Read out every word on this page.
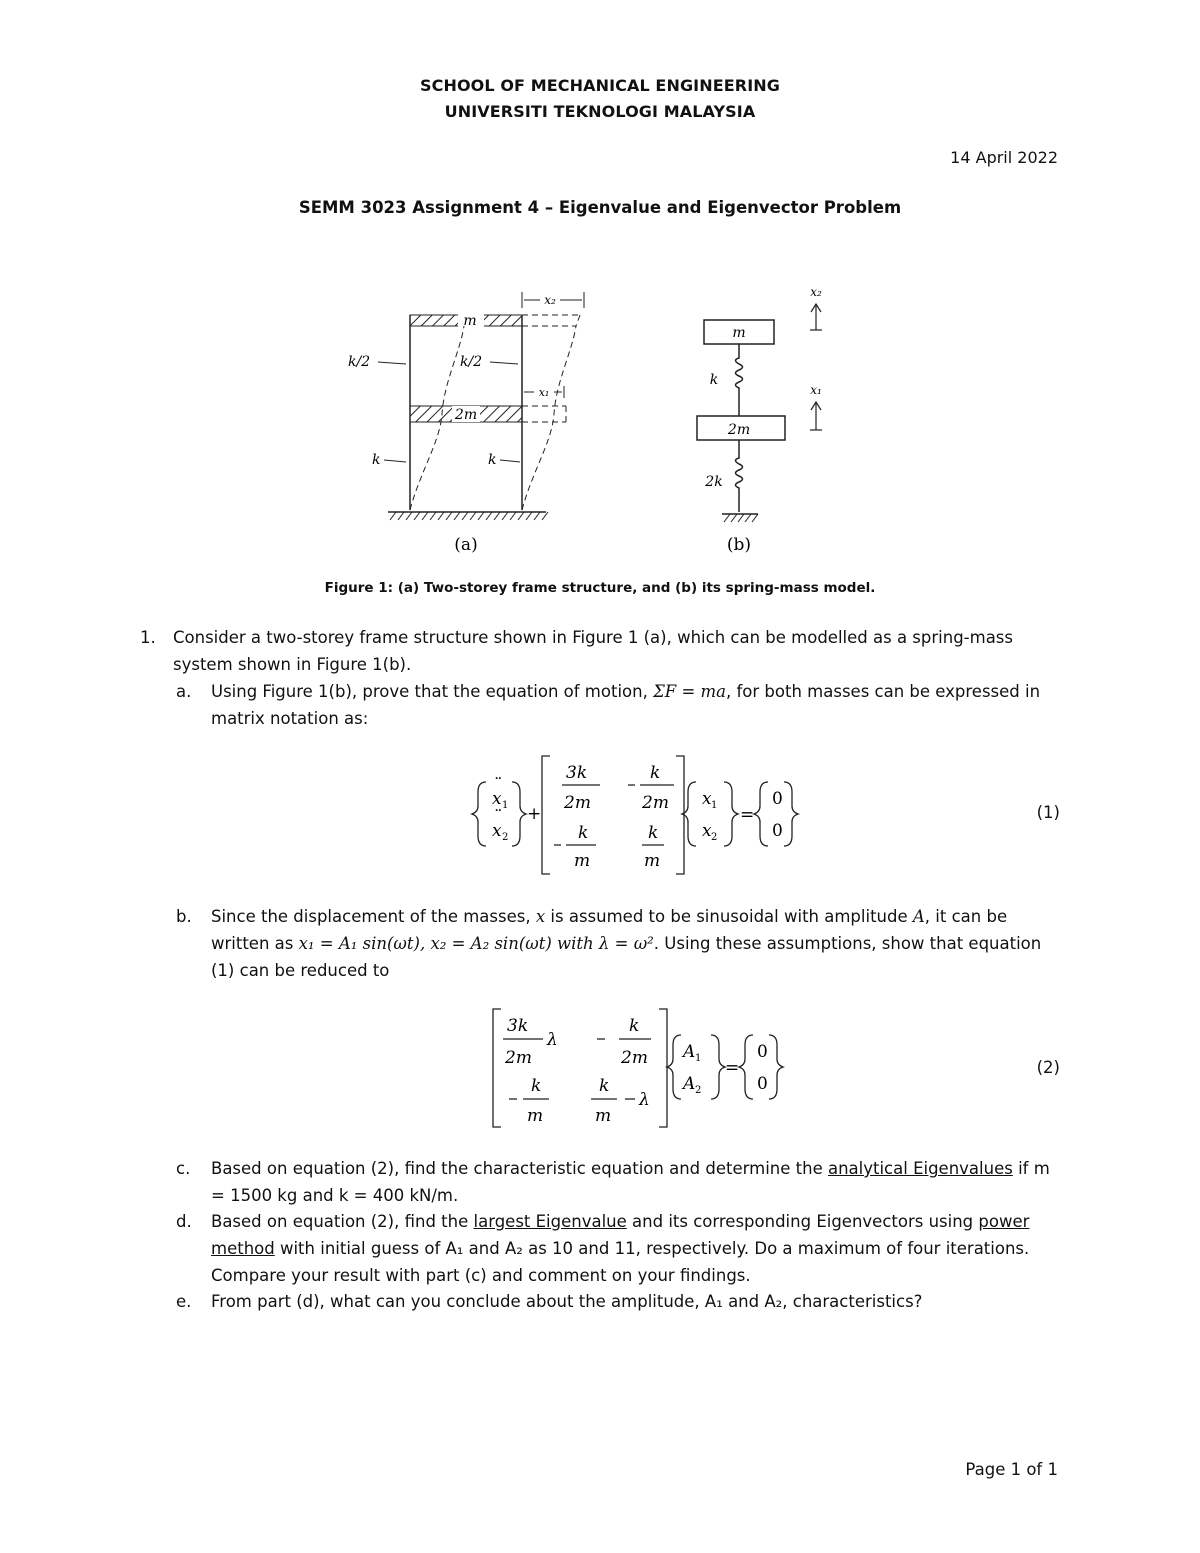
SCHOOL OF MECHANICAL ENGINEERING
UNIVERSITI TEKNOLOGI MALAYSIA
14 April 2022
SEMM 3023 Assignment 4 – Eigenvalue and Eigenvector Problem
m
2m
x₂
x₁
k/2	k/2
k	k
(a)
m
k
2m
2k
x₂
x₁
(b)
Figure 1: (a) Two-storey frame structure, and (b) its spring-mass model.
1. Consider a two-storey frame structure shown in Figure 1 (a), which can be modelled as a spring-mass system shown in Figure 1(b).
a. Using Figure 1(b), prove that the equation of motion, ΣF = ma, for both masses can be expressed in matrix notation as:
x
¨
1
x
¨
2
+
3k
2m
k
2m
k
m
k
m
x 1
x 2
=
0
0
(1)
b. Since the displacement of the masses, x is assumed to be sinusoidal with amplitude A, it can be written as x₁ = A₁ sin(ωt), x₂ = A₂ sin(ωt) with λ = ω². Using these assumptions, show that equation (1) can be reduced to
3k
2m
λ
k
2m
k
m
k
m
λ
A 1
A 2
=
0
0
(2)
c. Based on equation (2), find the characteristic equation and determine the analytical Eigenvalues if m = 1500 kg and k = 400 kN/m.
d. Based on equation (2), find the largest Eigenvalue and its corresponding Eigenvectors using power method with initial guess of A₁ and A₂ as 10 and 11, respectively. Do a maximum of four iterations. Compare your result with part (c) and comment on your findings.
e. From part (d), what can you conclude about the amplitude, A₁ and A₂, characteristics?
Page 1 of 1
